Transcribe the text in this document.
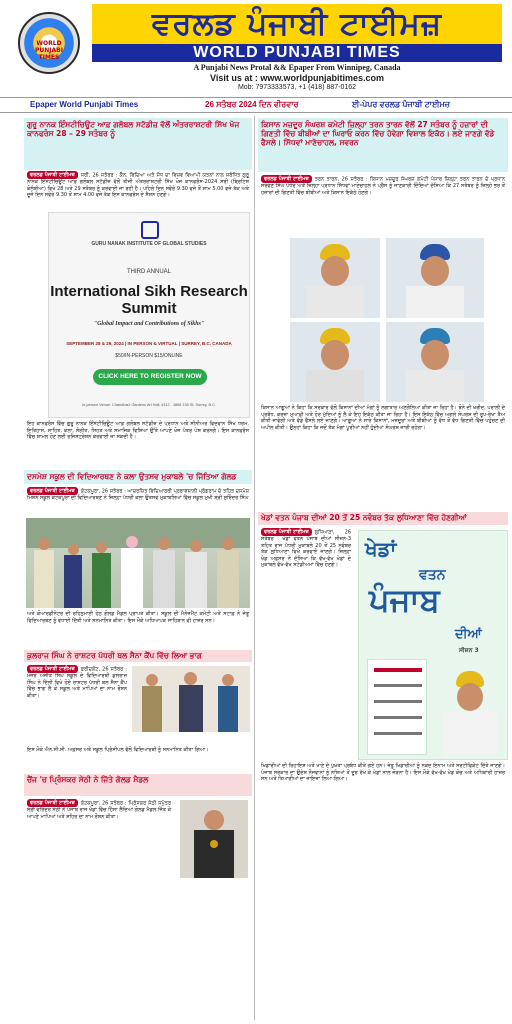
WORLD PUNJABI TIMES
ਵਰਲਡ ਪੰਜਾਬੀ ਟਾਈਮਜ਼
WORLD PUNJABI TIMES
A Punjabi News Protal && Epaper From Winnipeg, Canada
Visit us at : www.worldpunjabitimes.com
Mob: 7973333573, +1 (418) 887-0162
Epaper World Punjabi Times	26 ਸਤੰਬਰ 2024 ਦਿਨ ਵੀਰਵਾਰ	ਈ-ਪੇਪਰ ਵਰਲਡ ਪੰਜਾਬੀ ਟਾਈਮਜ਼
ਗੁਰੂ ਨਾਨਕ ਇੰਸਟੀਚਿਊਟ ਆਫ਼ ਗਲੋਬਲ ਸਟੱਡੀਜ਼ ਵੱਲੋਂ ਅੰਤਰਰਾਸ਼ਟਰੀ ਸਿੱਖ ਖੋਜ ਕਾਨਫਰੰਸ 28 – 29 ਸਤੰਬਰ ਨੂੰ
ਵਰਲਡ ਪੰਜਾਬੀ ਟਾਈਮਜ਼ ਸਰੀ, 26 ਸਤੰਬਰ : ਕੈਨ, ਵਿਦਿਆ ਅਤੇ ਸੋਧ ਦਾ ਵਿਸ਼ਵ ਵਿਆਪੀ ਯਤਨਾਂ ਨਾਲ ਸਬੰਧਿਤ ਗੁਰੂ ਨਾਨਕ ਇੰਸਟੀਚਿਊਟ ਆਫ਼ ਗਲੋਬਲ ਸਟੱਡੀਜ਼ ਵੱਲੋਂ ਤੀਜੀ ਅੰਤਰਰਾਸ਼ਟਰੀ ਸਿੱਖ ਖੋਜ ਕਾਨਫਰੰਸ-2024 ਸਰੀ (ਬ੍ਰਿਟਿਸ਼ ਕੋਲੰਬੀਆ) ਵਿਖੇ 28 ਅਤੇ 29 ਸਤੰਬਰ ਨੂੰ ਕਰਵਾਈ ਜਾ ਰਹੀ ਹੈ। ਪਹਿਲੇ ਦਿਨ ਸਵੇਰੇ 9.30 ਵਜੇ ਤੋਂ ਸ਼ਾਮ 5.00 ਵਜੇ ਤੱਕ ਅਤੇ ਦੂਜੇ ਦਿਨ ਸਵੇਰੇ 9.30 ਤੋਂ ਸ਼ਾਮ 4.00 ਵਜੇ ਤੱਕ ਇਸ ਕਾਨਫਰੰਸ ਦੇ ਸੈਸ਼ਨ ਹੋਣਗੇ।
GURU NANAK INSTITUTE OF GLOBAL STUDIES
THIRD ANNUAL
International Sikh Research Summit
"Global Impact and Contributions of Sikhs"
SEPTEMBER 28 & 29, 2024 | IN PERSON & VIRTUAL | SURREY, B.C. CANADA
$50/IN-PERSON $15/ONLINE
CLICK HERE TO REGISTER NOW
In-person Venue: Chandhaul Gardens Art Hall, #112 - 1868 135 St, Surrey, B.C.
ਇਹ ਕਾਨਫਰੰਸ ਵਿੱਚ ਗੁਰੂ ਨਾਨਕ ਇੰਸਟੀਚਿਊਟ ਆਫ਼ ਗਲੋਬਲ ਸਟੱਡੀਜ਼ ਦੇ ਪ੍ਰਧਾਨ ਅਤੇ ਸੀਨੀਅਰ ਵਿਦਵਾਨ ਸਿੱਖ ਧਰਮ, ਇਤਿਹਾਸ, ਸਾਹਿਤ, ਕਲਾ, ਸੰਗੀਤ, ਸਿਹਤ ਅਤੇ ਸਮਾਜਿਕ ਵਿਸ਼ਿਆਂ ਉੱਤੇ ਆਪਣੇ ਖੋਜ ਪੱਤਰ ਪੇਸ਼ ਕਰਨਗੇ। ਇਸ ਕਾਨਫਰੰਸ ਵਿੱਚ ਸ਼ਾਮਲ ਹੋਣ ਲਈ ਰਜਿਸਟ੍ਰੇਸ਼ਨ ਕਰਵਾਈ ਜਾ ਸਕਦੀ ਹੈ।
ਦਸਮੇਸ਼ ਸਕੂਲ ਦੀ ਵਿਦਿਆਰਥਣ ਨੇ ਕਲਾ ਉਤਸਵ ਮੁਕਾਬਲੇ 'ਚ ਜਿੱਤਿਆ ਗੋਲਡ
ਵਰਲਡ ਪੰਜਾਬੀ ਟਾਈਮਜ਼ ਕੋਟਕਪੂਰਾ, 26 ਸਤੰਬਰ : ਆਦਰਸ਼ਿਤ ਵਿਦਿਆਰਥੀ ਪ੍ਰਭਾਵਸ਼ਾਲੀ ਪ੍ਰੋਗਰਾਮ ਦੇ ਤਹਿਤ ਦਸਮੇਸ਼ ਮਿਸ਼ਨ ਸਕੂਲ ਕੋਟਕਪੂਰਾ ਦੀ ਵਿਦਿਆਰਥਣ ਨੇ ਜ਼ਿਲ੍ਹਾ ਪੱਧਰੀ ਕਲਾ ਉਤਸਵ ਮੁਕਾਬਲਿਆਂ ਵਿੱਚ ਸਕੂਲ ਮੁਖੀ ਸ਼੍ਰੀ ਸੁਰਿੰਦਰ ਸਿੰਘ
ਅਤੇ ਕੋਆਰਡੀਨੇਟਰ ਦੀ ਰਹਿਨੁਮਾਈ ਹੇਠ ਗੋਲਡ ਮੈਡਲ ਪ੍ਰਾਪਤ ਕੀਤਾ। ਸਕੂਲ ਦੀ ਮੈਨੇਜਮੈਂਟ ਕਮੇਟੀ ਅਤੇ ਸਟਾਫ਼ ਨੇ ਜੇਤੂ ਵਿਦਿਆਰਥਣ ਨੂੰ ਵਧਾਈ ਦਿੱਤੀ ਅਤੇ ਸਨਮਾਨਿਤ ਕੀਤਾ। ਇਸ ਮੌਕੇ ਅਧਿਆਪਕ ਸਾਹਿਬਾਨ ਵੀ ਹਾਜ਼ਰ ਸਨ।
ਕੁਲਰਾਜ ਸਿੰਘ ਨੇ ਰਾਸ਼ਟਰ ਪੱਧਰੀ ਥਲ ਸੈਨਾ ਕੈਂਪ ਵਿੱਚ ਲਿਆ ਭਾਗ
ਵਰਲਡ ਪੰਜਾਬੀ ਟਾਈਮਜ਼ ਫਰੀਦਕੋਟ, 26 ਸਤੰਬਰ : ਮੇਜਰ ਅਜੀਤ ਸਿੰਘ ਸਕੂਲ ਦੇ ਵਿਦਿਆਰਥੀ ਕੁਲਰਾਜ ਸਿੰਘ ਨੇ ਦਿੱਲੀ ਵਿਖੇ ਹੋਏ ਰਾਸ਼ਟਰ ਪੱਧਰੀ ਥਲ ਸੈਨਾ ਕੈਂਪ ਵਿੱਚ ਭਾਗ ਲੈ ਕੇ ਸਕੂਲ ਅਤੇ ਮਾਪਿਆਂ ਦਾ ਨਾਮ ਰੌਸ਼ਨ ਕੀਤਾ।
ਇਸ ਮੌਕੇ ਐਨ.ਸੀ.ਸੀ. ਅਫ਼ਸਰ ਅਤੇ ਸਕੂਲ ਪ੍ਰਿੰਸੀਪਲ ਵੱਲੋਂ ਵਿਦਿਆਰਥੀ ਨੂੰ ਸਨਮਾਨਿਤ ਕੀਤਾ ਗਿਆ।
ਚੈਂਜ 'ਚ ਪ੍ਰਿੰਸਕਰ ਸੇਠੀ ਨੇ ਜਿੱਤੇ ਗੋਲਡ ਮੈਡਲ
ਵਰਲਡ ਪੰਜਾਬੀ ਟਾਈਮਜ਼ ਕੋਟਕਪੂਰਾ, 26 ਸਤੰਬਰ : ਪ੍ਰਿੰਸਕਰ ਸੇਠੀ ਸਪੁੱਤਰ ਸ੍ਰੀ ਵਰਿੰਦਰ ਸੇਠੀ ਨੇ ਪੰਜਾਬ ਰਾਜ ਖੇਡਾਂ ਵਿੱਚ ਹਿੱਸਾ ਲੈਂਦਿਆਂ ਗੋਲਡ ਮੈਡਲ ਜਿੱਤ ਕੇ ਆਪਣੇ ਮਾਪਿਆਂ ਅਤੇ ਸ਼ਹਿਰ ਦਾ ਨਾਮ ਰੌਸ਼ਨ ਕੀਤਾ।
ਕਿਸਾਨ ਮਜ਼ਦੂਰ ਸੰਘਰਸ਼ ਕਮੇਟੀ ਜ਼ਿਲ੍ਹਾ ਤਰਨ ਤਾਰਨ ਵੱਲੋਂ 27 ਸਤੰਬਰ ਨੂੰ ਹਜ਼ਾਰਾਂ ਦੀ ਗਿਣਤੀ ਵਿੱਚ ਬੀਬੀਆਂ ਦਾ ਘਿਰਾਓ ਕਰਨ ਵਿੱਚ ਹੋਵੇਗਾ ਵਿਸ਼ਾਲ ਇਕੱਠ। ਲਏ ਜਾਣਗੇ ਵੱਡੇ ਫੈਸਲੇ। ਸਿੱਧਵਾਂ ਮਾਣੋਚਾਹਲ, ਸਵਰਨ
ਵਰਲਡ ਪੰਜਾਬੀ ਟਾਈਮਜ਼ ਤਰਨ ਤਾਰਨ, 26 ਸਤੰਬਰ : ਕਿਸਾਨ ਮਜ਼ਦੂਰ ਸੰਘਰਸ਼ ਕਮੇਟੀ ਪੰਜਾਬ ਜ਼ਿਲ੍ਹਾ ਤਰਨ ਤਾਰਨ ਦੇ ਪ੍ਰਧਾਨ ਸਰਵਣ ਸਿੰਘ ਪੰਧੇਰ ਅਤੇ ਜ਼ਿਲ੍ਹਾ ਪ੍ਰਧਾਨ ਸਿੱਧਵਾਂ ਮਾਣੋਚਾਹਲ ਨੇ ਪ੍ਰੈਸ ਨੂੰ ਜਾਣਕਾਰੀ ਦਿੰਦਿਆਂ ਦੱਸਿਆ ਕਿ 27 ਸਤੰਬਰ ਨੂੰ ਜ਼ਿਲ੍ਹੇ ਭਰ ਤੋਂ ਹਜ਼ਾਰਾਂ ਦੀ ਗਿਣਤੀ ਵਿੱਚ ਬੀਬੀਆਂ ਅਤੇ ਕਿਸਾਨ ਇਕੱਠੇ ਹੋਣਗੇ।
ਕਿਸਾਨ ਆਗੂਆਂ ਨੇ ਕਿਹਾ ਕਿ ਸਰਕਾਰ ਵੱਲੋਂ ਕਿਸਾਨਾਂ ਦੀਆਂ ਮੰਗਾਂ ਨੂੰ ਲਗਾਤਾਰ ਅਣਗੌਲਿਆ ਕੀਤਾ ਜਾ ਰਿਹਾ ਹੈ। ਝੋਨੇ ਦੀ ਖ਼ਰੀਦ, ਪਰਾਲੀ ਦੇ ਪ੍ਰਬੰਧ, ਕਰਜ਼ਾ ਮੁਆਫ਼ੀ ਅਤੇ ਹੋਰ ਮੁੱਦਿਆਂ ਨੂੰ ਲੈ ਕੇ ਇਹ ਇਕੱਠ ਕੀਤਾ ਜਾ ਰਿਹਾ ਹੈ। ਇਸ ਇਕੱਠ ਵਿੱਚ ਅਗਲੇ ਸੰਘਰਸ਼ ਦੀ ਰੂਪ-ਰੇਖਾ ਤੈਅ ਕੀਤੀ ਜਾਵੇਗੀ ਅਤੇ ਵੱਡੇ ਫੈਸਲੇ ਲਏ ਜਾਣਗੇ। ਆਗੂਆਂ ਨੇ ਸਾਰੇ ਕਿਸਾਨਾਂ, ਮਜ਼ਦੂਰਾਂ ਅਤੇ ਬੀਬੀਆਂ ਨੂੰ ਵੱਧ ਤੋਂ ਵੱਧ ਗਿਣਤੀ ਵਿੱਚ ਪਹੁੰਚਣ ਦੀ ਅਪੀਲ ਕੀਤੀ। ਉਨ੍ਹਾਂ ਕਿਹਾ ਕਿ ਜਦੋਂ ਤੱਕ ਮੰਗਾਂ ਪੂਰੀਆਂ ਨਹੀਂ ਹੁੰਦੀਆਂ ਸੰਘਰਸ਼ ਜਾਰੀ ਰਹੇਗਾ।
ਖੇਡਾਂ ਵਤਨ ਪੰਜਾਬ ਦੀਆਂ 20 ਤੋਂ 25 ਨਵੰਬਰ ਤੱਕ ਲੁਧਿਆਣਾ ਵਿੱਚ ਹੋਣਗੀਆਂ
ਵਰਲਡ ਪੰਜਾਬੀ ਟਾਈਮਜ਼ ਲੁਧਿਆਣਾ, 26 ਸਤੰਬਰ : ਖੇਡਾਂ ਵਤਨ ਪੰਜਾਬ ਦੀਆਂ ਸੀਜ਼ਨ-3 ਤਹਿਤ ਰਾਜ ਪੱਧਰੀ ਮੁਕਾਬਲੇ 20 ਤੋਂ 25 ਨਵੰਬਰ ਤੱਕ ਲੁਧਿਆਣਾ ਵਿਖੇ ਕਰਵਾਏ ਜਾਣਗੇ। ਜ਼ਿਲ੍ਹਾ ਖੇਡ ਅਫ਼ਸਰ ਨੇ ਦੱਸਿਆ ਕਿ ਵੱਖ-ਵੱਖ ਖੇਡਾਂ ਦੇ ਮੁਕਾਬਲੇ ਵੱਖ-ਵੱਖ ਸਟੇਡੀਅਮਾਂ ਵਿੱਚ ਹੋਣਗੇ।
ਖੇਡਾਂ
ਵਤਨ
ਪੰਜਾਬ
ਦੀਆਂ
ਸੀਜ਼ਨ 3
ਖਿਡਾਰੀਆਂ ਦੀ ਰਿਹਾਇਸ਼ ਅਤੇ ਖਾਣੇ ਦੇ ਪੁਖ਼ਤਾ ਪ੍ਰਬੰਧ ਕੀਤੇ ਗਏ ਹਨ। ਜੇਤੂ ਖਿਡਾਰੀਆਂ ਨੂੰ ਨਕਦ ਇਨਾਮ ਅਤੇ ਸਰਟੀਫਿਕੇਟ ਦਿੱਤੇ ਜਾਣਗੇ। ਪੰਜਾਬ ਸਰਕਾਰ ਦਾ ਉਦੇਸ਼ ਨੌਜਵਾਨਾਂ ਨੂੰ ਨਸ਼ਿਆਂ ਤੋਂ ਦੂਰ ਰੱਖ ਕੇ ਖੇਡਾਂ ਨਾਲ ਜੋੜਨਾ ਹੈ। ਇਸ ਮੌਕੇ ਵੱਖ-ਵੱਖ ਖੇਡ ਕੋਚ ਅਤੇ ਅਧਿਕਾਰੀ ਹਾਜ਼ਰ ਸਨ ਅਤੇ ਤਿਆਰੀਆਂ ਦਾ ਜਾਇਜ਼ਾ ਲਿਆ ਗਿਆ।
